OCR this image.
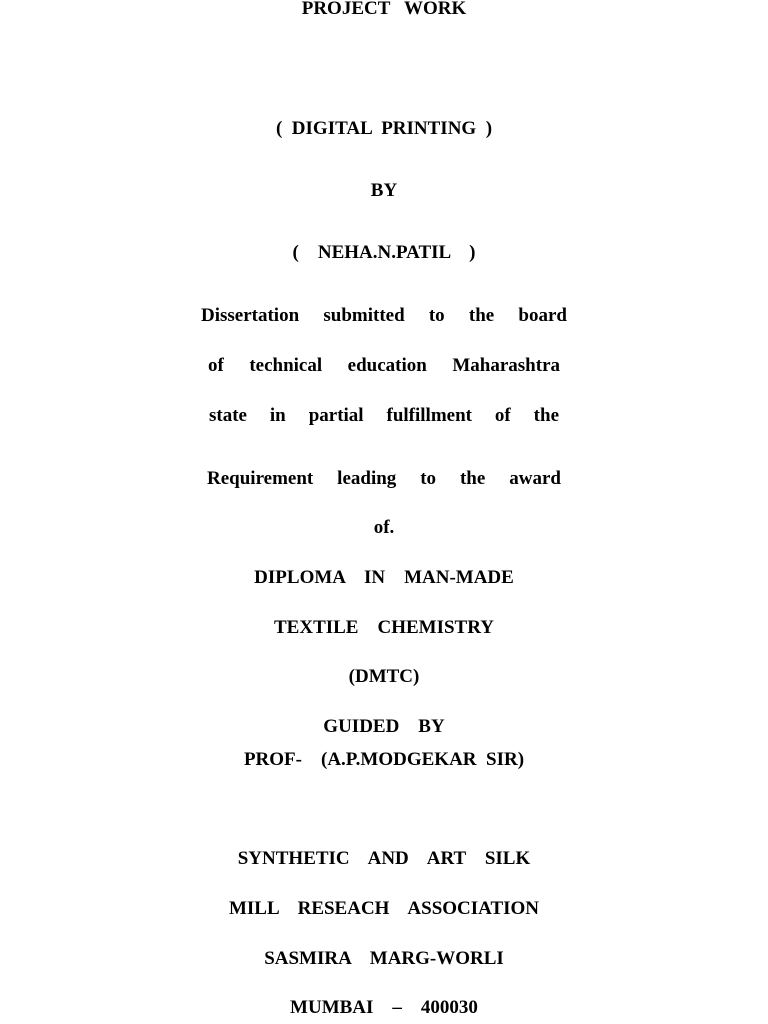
PROJECT   WORK

(  DIGITAL  PRINTING  )

BY

(    NEHA.N.PATIL    )

Dissertation submitted to the board
of technical education Maharashtra
state in partial fulfillment of the
Requirement leading to the award

of.

DIPLOMA    IN    MAN-MADE

TEXTILE    CHEMISTRY

(DMTC)

GUIDED    BY

PROF-    (A.P.MODGEKAR  SIR)

SYNTHETIC    AND    ART    SILK

MILL    RESEACH    ASSOCIATION

SASMIRA    MARG-WORLI

MUMBAI    –    400030
